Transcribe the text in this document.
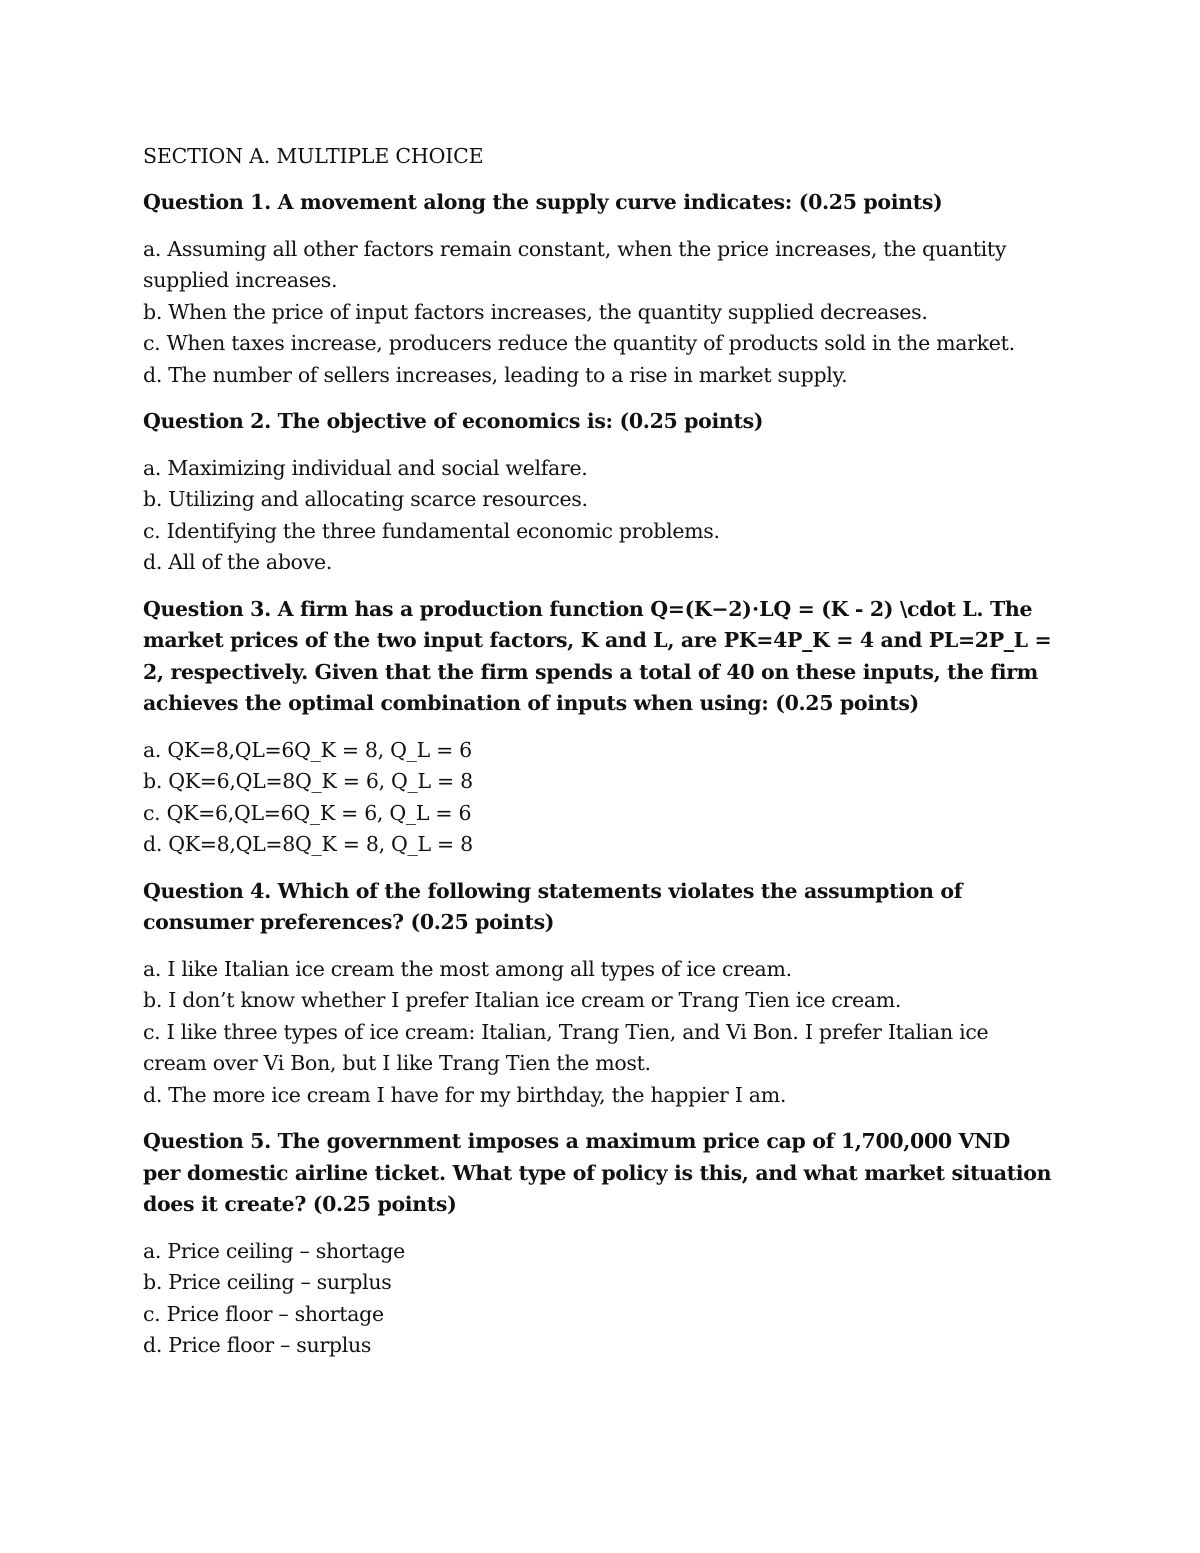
SECTION A. MULTIPLE CHOICE
Question 1. A movement along the supply curve indicates: (0.25 points)
a. Assuming all other factors remain constant, when the price increases, the quantity supplied increases.
b. When the price of input factors increases, the quantity supplied decreases.
c. When taxes increase, producers reduce the quantity of products sold in the market.
d. The number of sellers increases, leading to a rise in market supply.
Question 2. The objective of economics is: (0.25 points)
a. Maximizing individual and social welfare.
b. Utilizing and allocating scarce resources.
c. Identifying the three fundamental economic problems.
d. All of the above.
Question 3. A firm has a production function Q=(K−2)⋅LQ = (K - 2) \cdot L. The market prices of the two input factors, K and L, are PK=4P_K = 4 and PL=2P_L = 2, respectively. Given that the firm spends a total of 40 on these inputs, the firm achieves the optimal combination of inputs when using: (0.25 points)
a. QK=8,QL=6Q_K = 8, Q_L = 6
b. QK=6,QL=8Q_K = 6, Q_L = 8
c. QK=6,QL=6Q_K = 6, Q_L = 6
d. QK=8,QL=8Q_K = 8, Q_L = 8
Question 4. Which of the following statements violates the assumption of consumer preferences? (0.25 points)
a. I like Italian ice cream the most among all types of ice cream.
b. I don’t know whether I prefer Italian ice cream or Trang Tien ice cream.
c. I like three types of ice cream: Italian, Trang Tien, and Vi Bon. I prefer Italian ice cream over Vi Bon, but I like Trang Tien the most.
d. The more ice cream I have for my birthday, the happier I am.
Question 5. The government imposes a maximum price cap of 1,700,000 VND per domestic airline ticket. What type of policy is this, and what market situation does it create? (0.25 points)
a. Price ceiling – shortage
b. Price ceiling – surplus
c. Price floor – shortage
d. Price floor – surplus
